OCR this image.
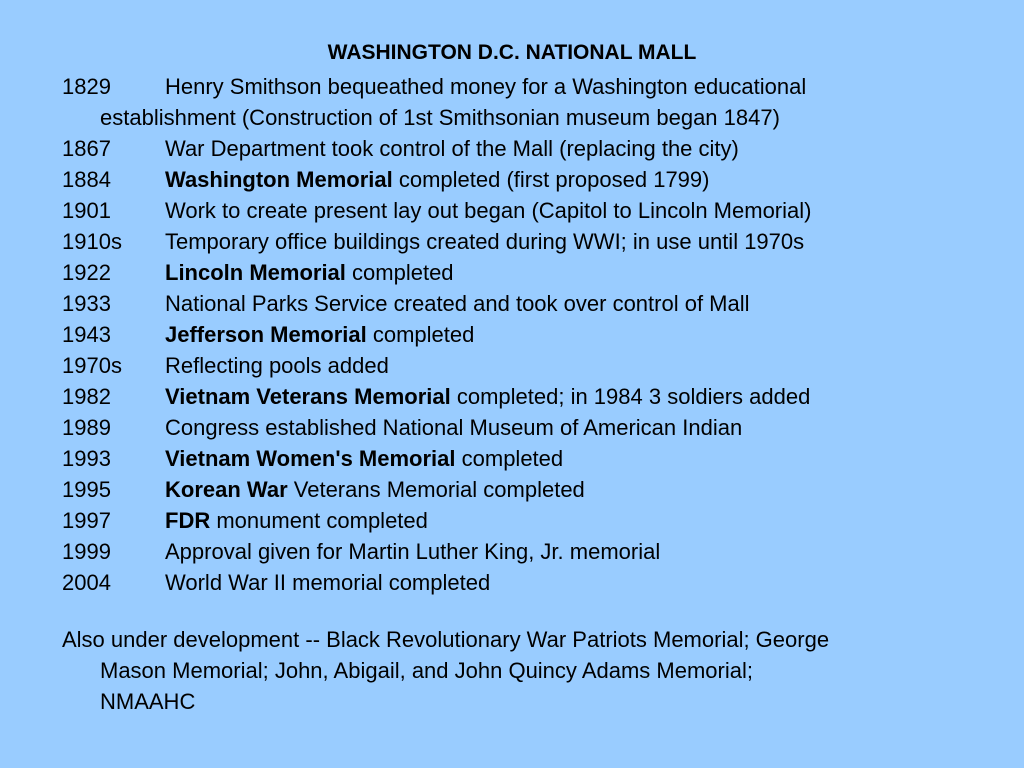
WASHINGTON D.C. NATIONAL MALL
1829 Henry Smithson bequeathed money for a Washington educational
establishment (Construction of 1st Smithsonian museum began 1847)
1867 War Department took control of the Mall (replacing the city)
1884 Washington Memorial completed (first proposed 1799)
1901 Work to create present lay out began (Capitol to Lincoln Memorial)
1910s Temporary office buildings created during WWI; in use until 1970s
1922 Lincoln Memorial completed
1933 National Parks Service created and took over control of Mall
1943 Jefferson Memorial completed
1970s Reflecting pools added
1982 Vietnam Veterans Memorial completed; in 1984 3 soldiers added
1989 Congress established National Museum of American Indian
1993 Vietnam Women's Memorial completed
1995 Korean War Veterans Memorial completed
1997 FDR monument completed
1999 Approval given for Martin Luther King, Jr. memorial
2004 World War II memorial completed
Also under development -- Black Revolutionary War Patriots Memorial; George
Mason Memorial; John, Abigail, and John Quincy Adams Memorial;
NMAAHC
